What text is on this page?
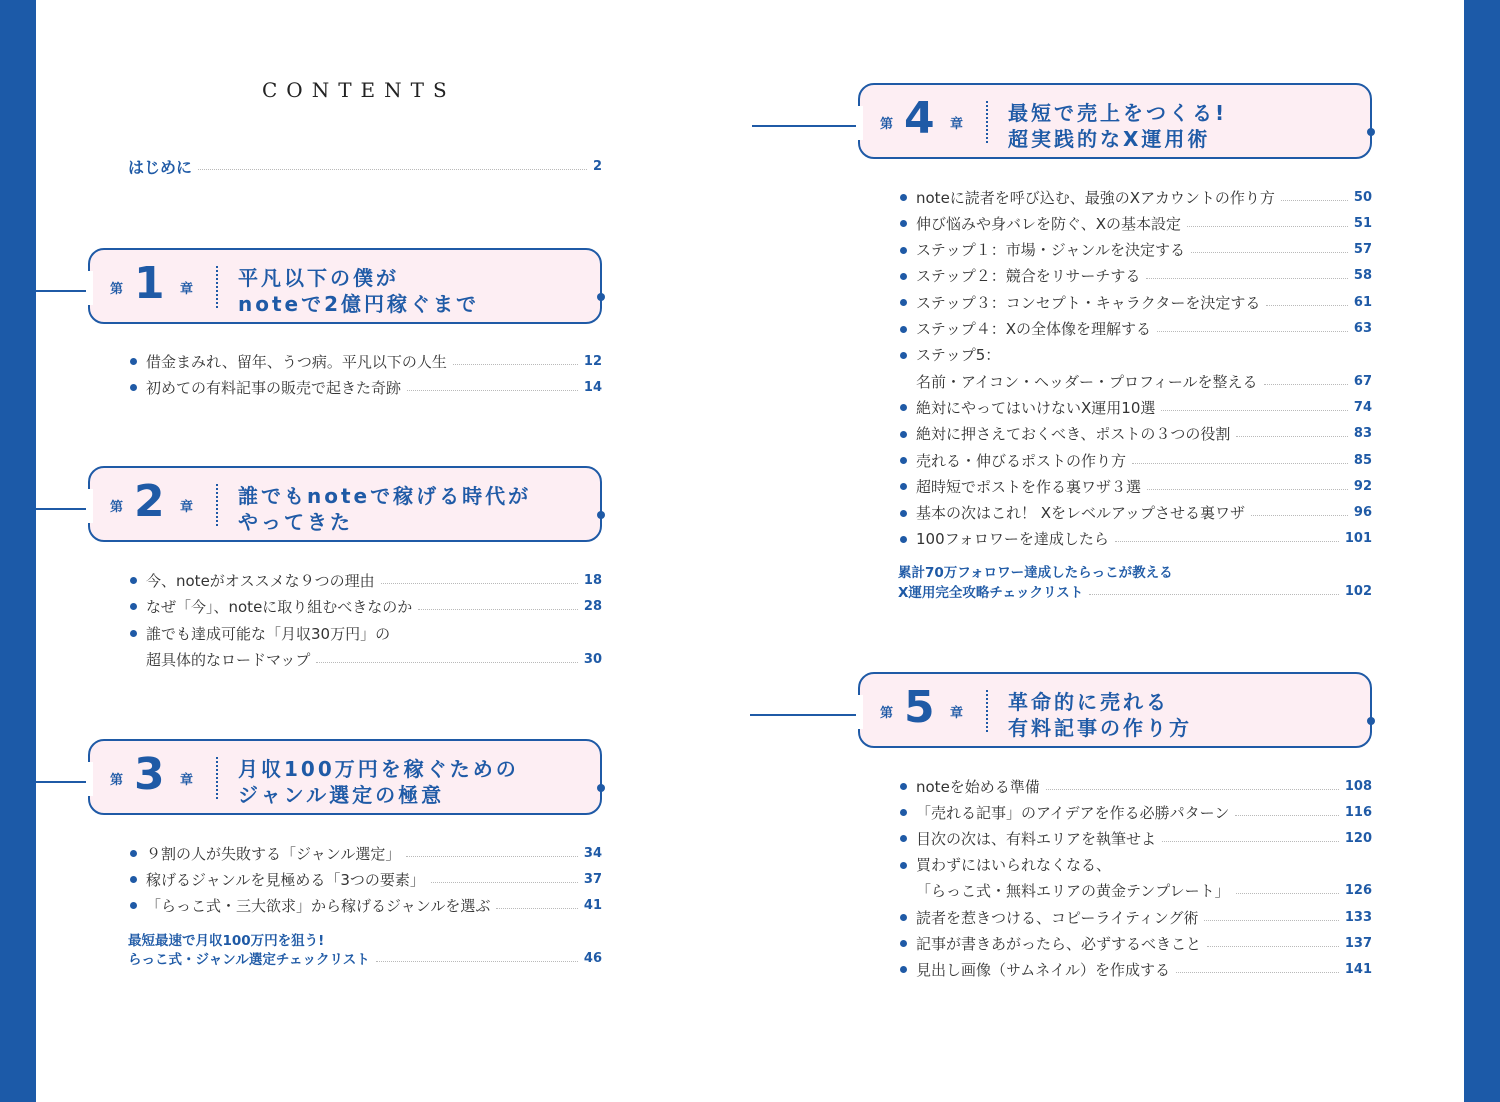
CONTENTS
はじめに	2
第 1 章 平凡以下の僕が
noteで2億円稼ぐまで
借金まみれ、留年、うつ病。平凡以下の人生	12
初めての有料記事の販売で起きた奇跡	14
第 2 章 誰でもnoteで稼げる時代が
やってきた
今、noteがオススメな９つの理由	18
なぜ「今」、noteに取り組むべきなのか	28
誰でも達成可能な「月収30万円」の
超具体的なロードマップ	30
第 3 章 月収100万円を稼ぐための
ジャンル選定の極意
９割の人が失敗する「ジャンル選定」	34
稼げるジャンルを見極める「3つの要素」	37
「らっこ式・三大欲求」から稼げるジャンルを選ぶ	41
最短最速で月収100万円を狙う!
らっこ式・ジャンル選定チェックリスト	46
第 4 章 最短で売上をつくる!
超実践的なX運用術
noteに読者を呼び込む、最強のXアカウントの作り方	50
伸び悩みや身バレを防ぐ、Xの基本設定	51
ステップ１：市場・ジャンルを決定する	57
ステップ２：競合をリサーチする	58
ステップ３：コンセプト・キャラクターを決定する	61
ステップ４：Xの全体像を理解する	63
ステップ5：
名前・アイコン・ヘッダー・プロフィールを整える	67
絶対にやってはいけないX運用10選	74
絶対に押さえておくべき、ポストの３つの役割	83
売れる・伸びるポストの作り方	85
超時短でポストを作る裏ワザ３選	92
基本の次はこれ！ Xをレベルアップさせる裏ワザ	96
100フォロワーを達成したら	101
累計70万フォロワー達成したらっこが教える
X運用完全攻略チェックリスト	102
第 5 章 革命的に売れる
有料記事の作り方
noteを始める準備	108
「売れる記事」のアイデアを作る必勝パターン	116
目次の次は、有料エリアを執筆せよ	120
買わずにはいられなくなる、
「らっこ式・無料エリアの黄金テンプレート」	126
読者を惹きつける、コピーライティング術	133
記事が書きあがったら、必ずするべきこと	137
見出し画像（サムネイル）を作成する	141
